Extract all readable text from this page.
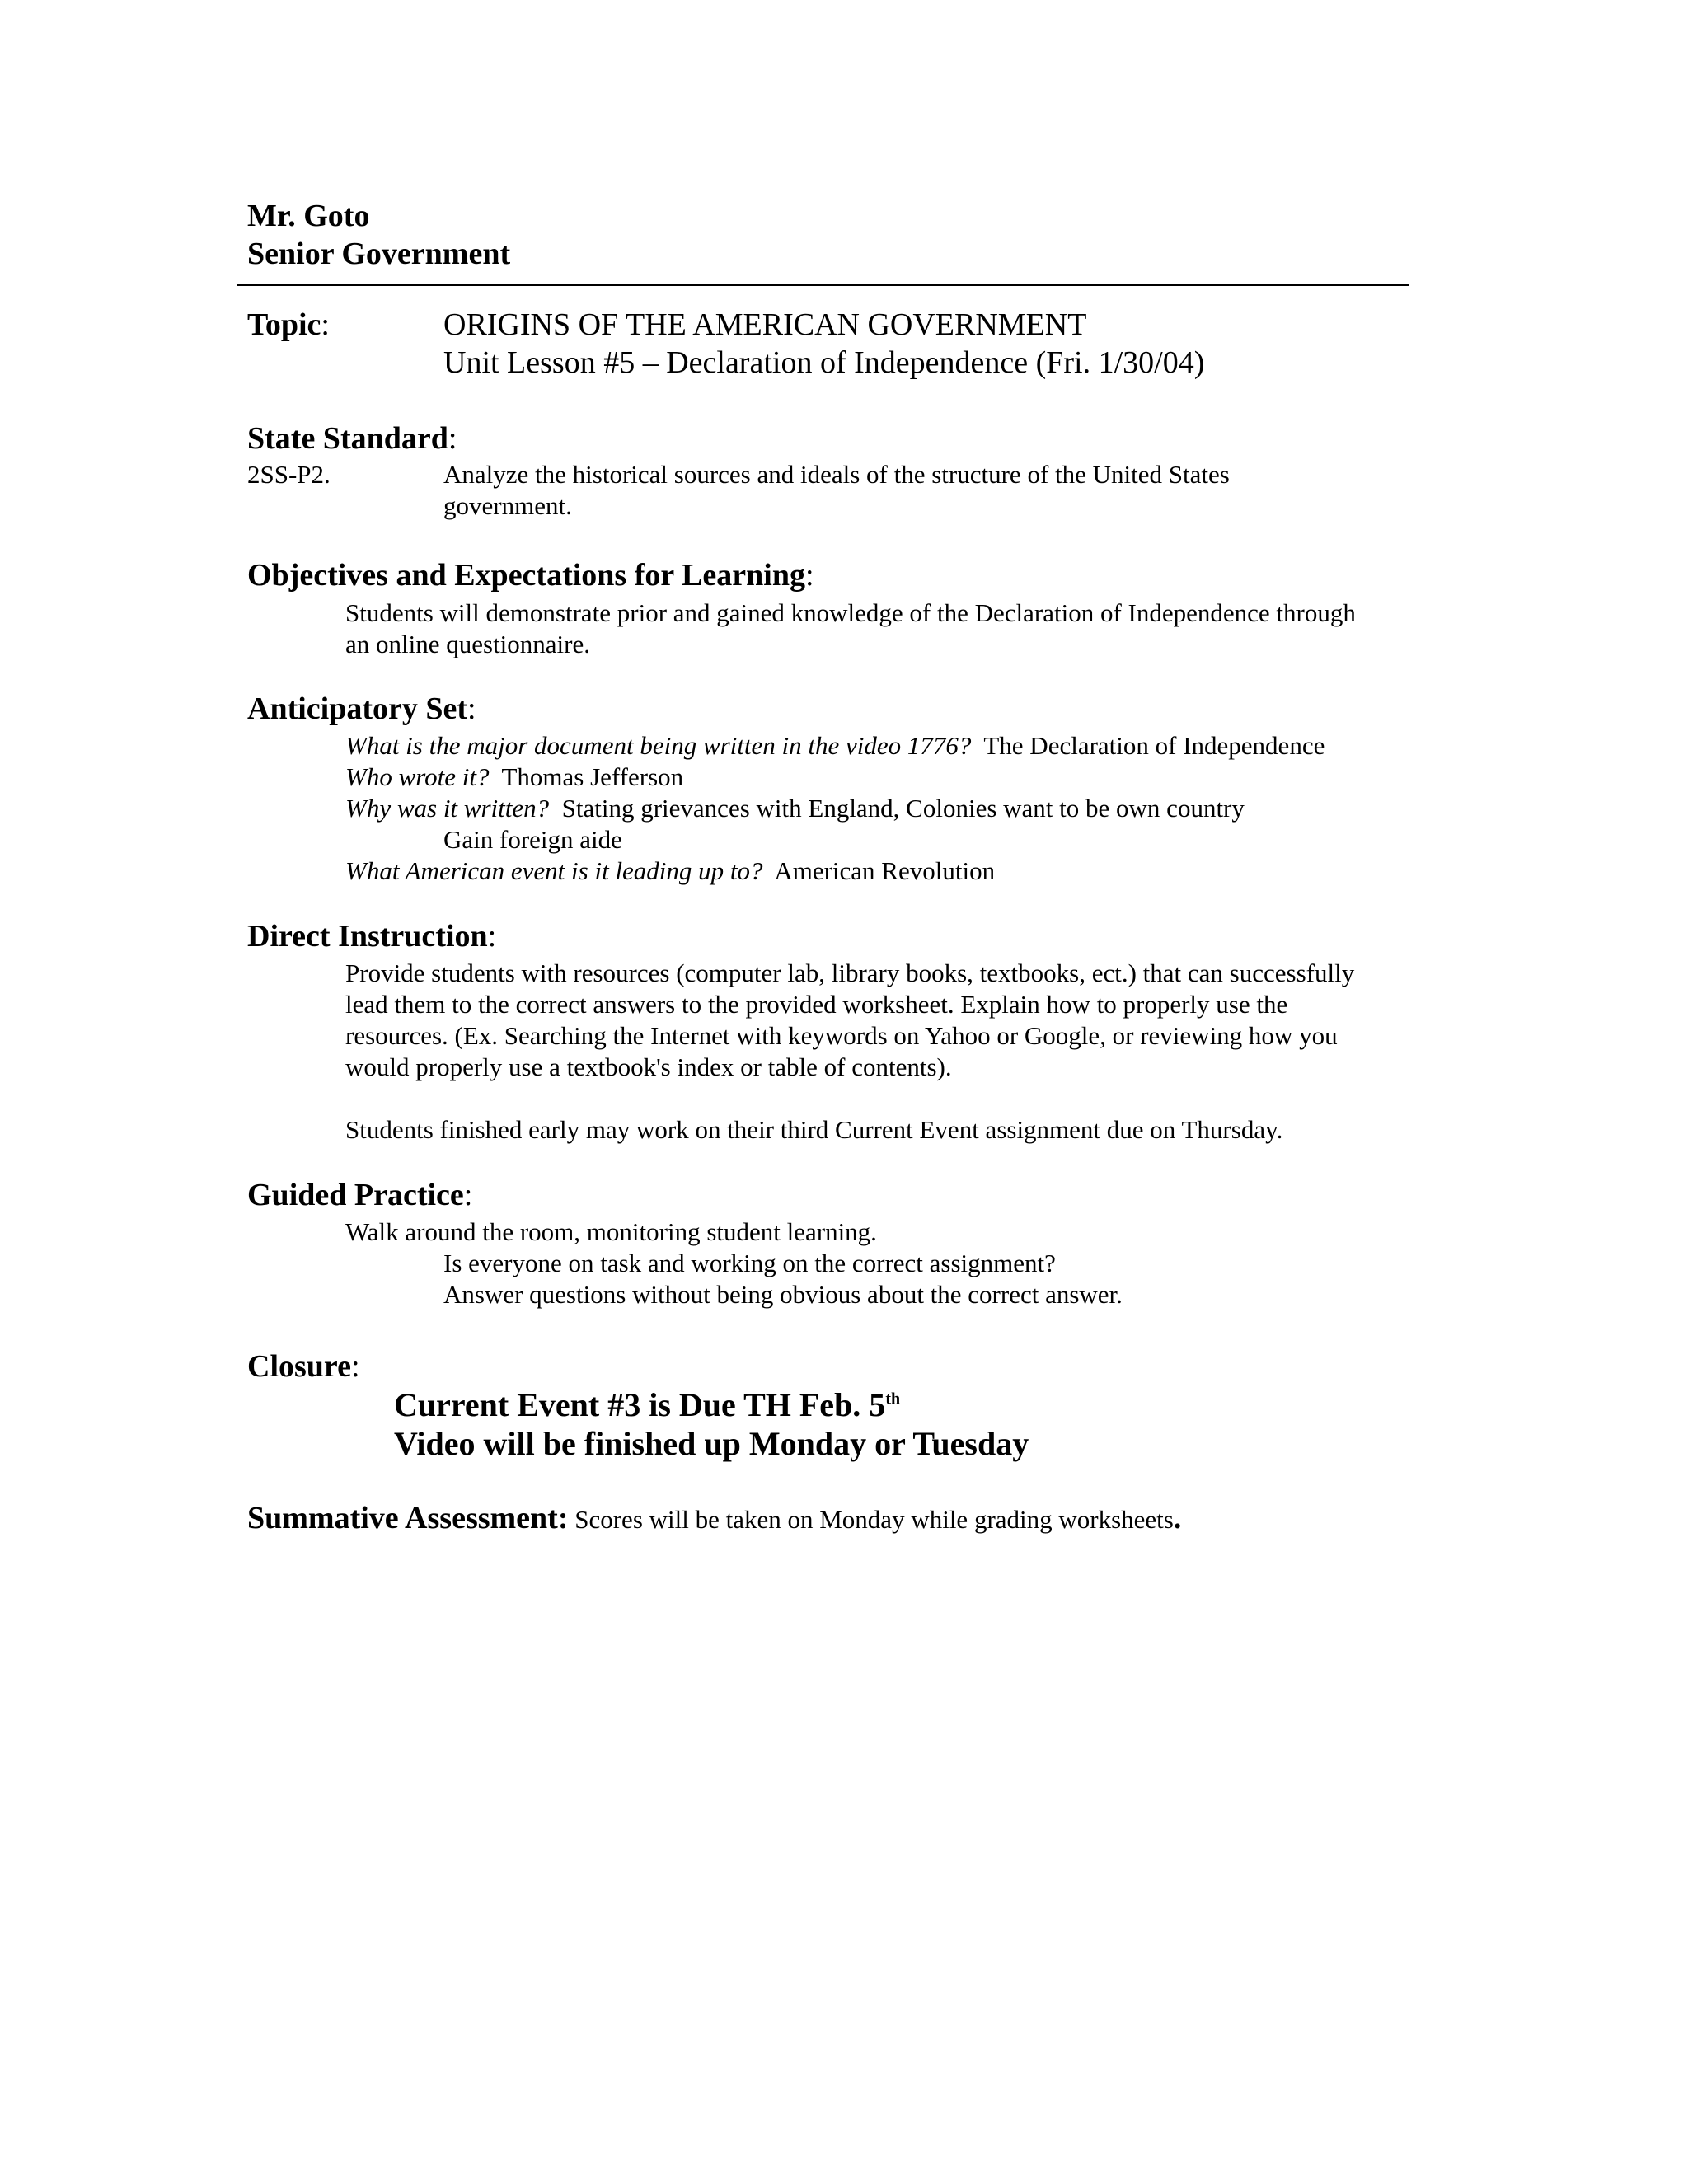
Mr. Goto
Senior Government
Topic:	ORIGINS OF THE AMERICAN GOVERNMENT
Unit Lesson #5 – Declaration of Independence (Fri. 1/30/04)
State Standard:
2SS-P2.	Analyze the historical sources and ideals of the structure of the United States
government.
Objectives and Expectations for Learning:
Students will demonstrate prior and gained knowledge of the Declaration of Independence through
an online questionnaire.
Anticipatory Set:
What is the major document being written in the video 1776? The Declaration of Independence
Who wrote it? Thomas Jefferson
Why was it written? Stating grievances with England, Colonies want to be own country
Gain foreign aide
What American event is it leading up to? American Revolution
Direct Instruction:
Provide students with resources (computer lab, library books, textbooks, ect.) that can successfully
lead them to the correct answers to the provided worksheet. Explain how to properly use the
resources. (Ex. Searching the Internet with keywords on Yahoo or Google, or reviewing how you
would properly use a textbook's index or table of contents).
Students finished early may work on their third Current Event assignment due on Thursday.
Guided Practice:
Walk around the room, monitoring student learning.
Is everyone on task and working on the correct assignment?
Answer questions without being obvious about the correct answer.
Closure:
Current Event #3 is Due TH Feb. 5th
Video will be finished up Monday or Tuesday
Summative Assessment: Scores will be taken on Monday while grading worksheets.
